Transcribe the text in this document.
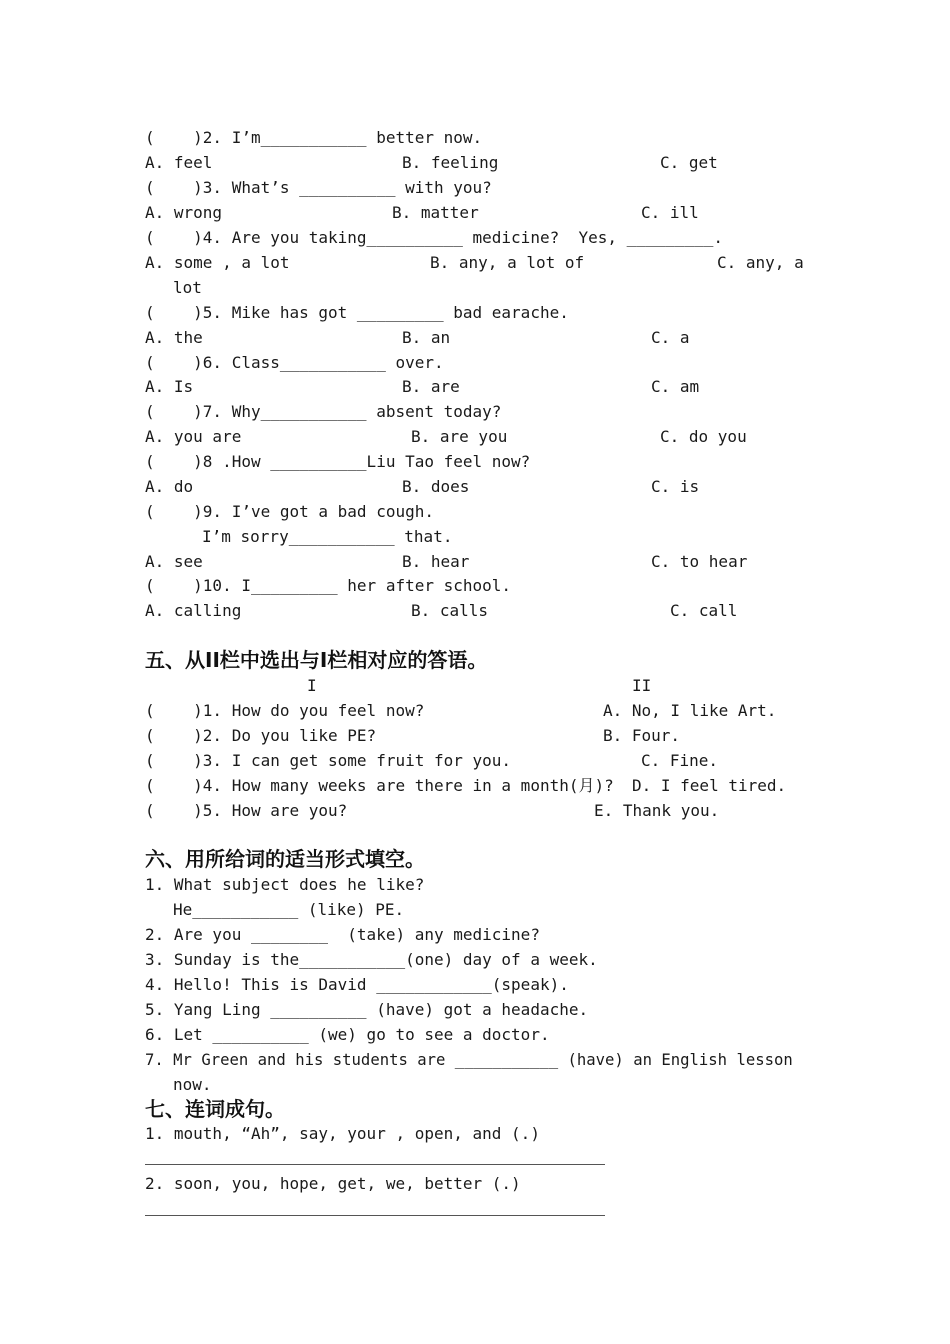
(    )2. I’m___________ better now.
A. feel	B. feeling	C. get
(    )3. What’s __________ with you?
A. wrong	B. matter	C. ill
(    )4. Are you taking__________ medicine?  Yes, _________.
A. some , a lot	B. any, a lot of	C. any, a
lot
(    )5. Mike has got _________ bad earache.
A. the	B. an	C. a
(    )6. Class___________ over.
A. Is	B. are	C. am
(    )7. Why___________ absent today?
A. you are	B. are you	C. do you
(    )8 .How __________Liu Tao feel now?
A. do	B. does	C. is
(    )9. I’ve got a bad cough.
I’m sorry___________ that.
A. see	B. hear	C. to hear
(    )10. I_________ her after school.
A. calling	B. calls	C. call
五、从II栏中选出与I栏相对应的答语。
I	II
(    )1. How do you feel now?	A. No, I like Art.
(    )2. Do you like PE?	B. Four.
(    )3. I can get some fruit for you.	C. Fine.
(    )4. How many weeks are there in a month(月)? D. I feel tired.
(    )5. How are you?	E. Thank you.
六、用所给词的适当形式填空。
1. What subject does he like?
He___________ (like) PE.
2. Are you ________  (take) any medicine?
3. Sunday is the___________(one) day of a week.
4. Hello! This is David ____________(speak).
5. Yang Ling __________ (have) got a headache.
6. Let __________ (we) go to see a doctor.
7. Mr Green and his students are ___________ (have) an English lesson
now.
七、连词成句。
1. mouth, “Ah”, say, your , open, and (.)
2. soon, you, hope, get, we, better (.)
